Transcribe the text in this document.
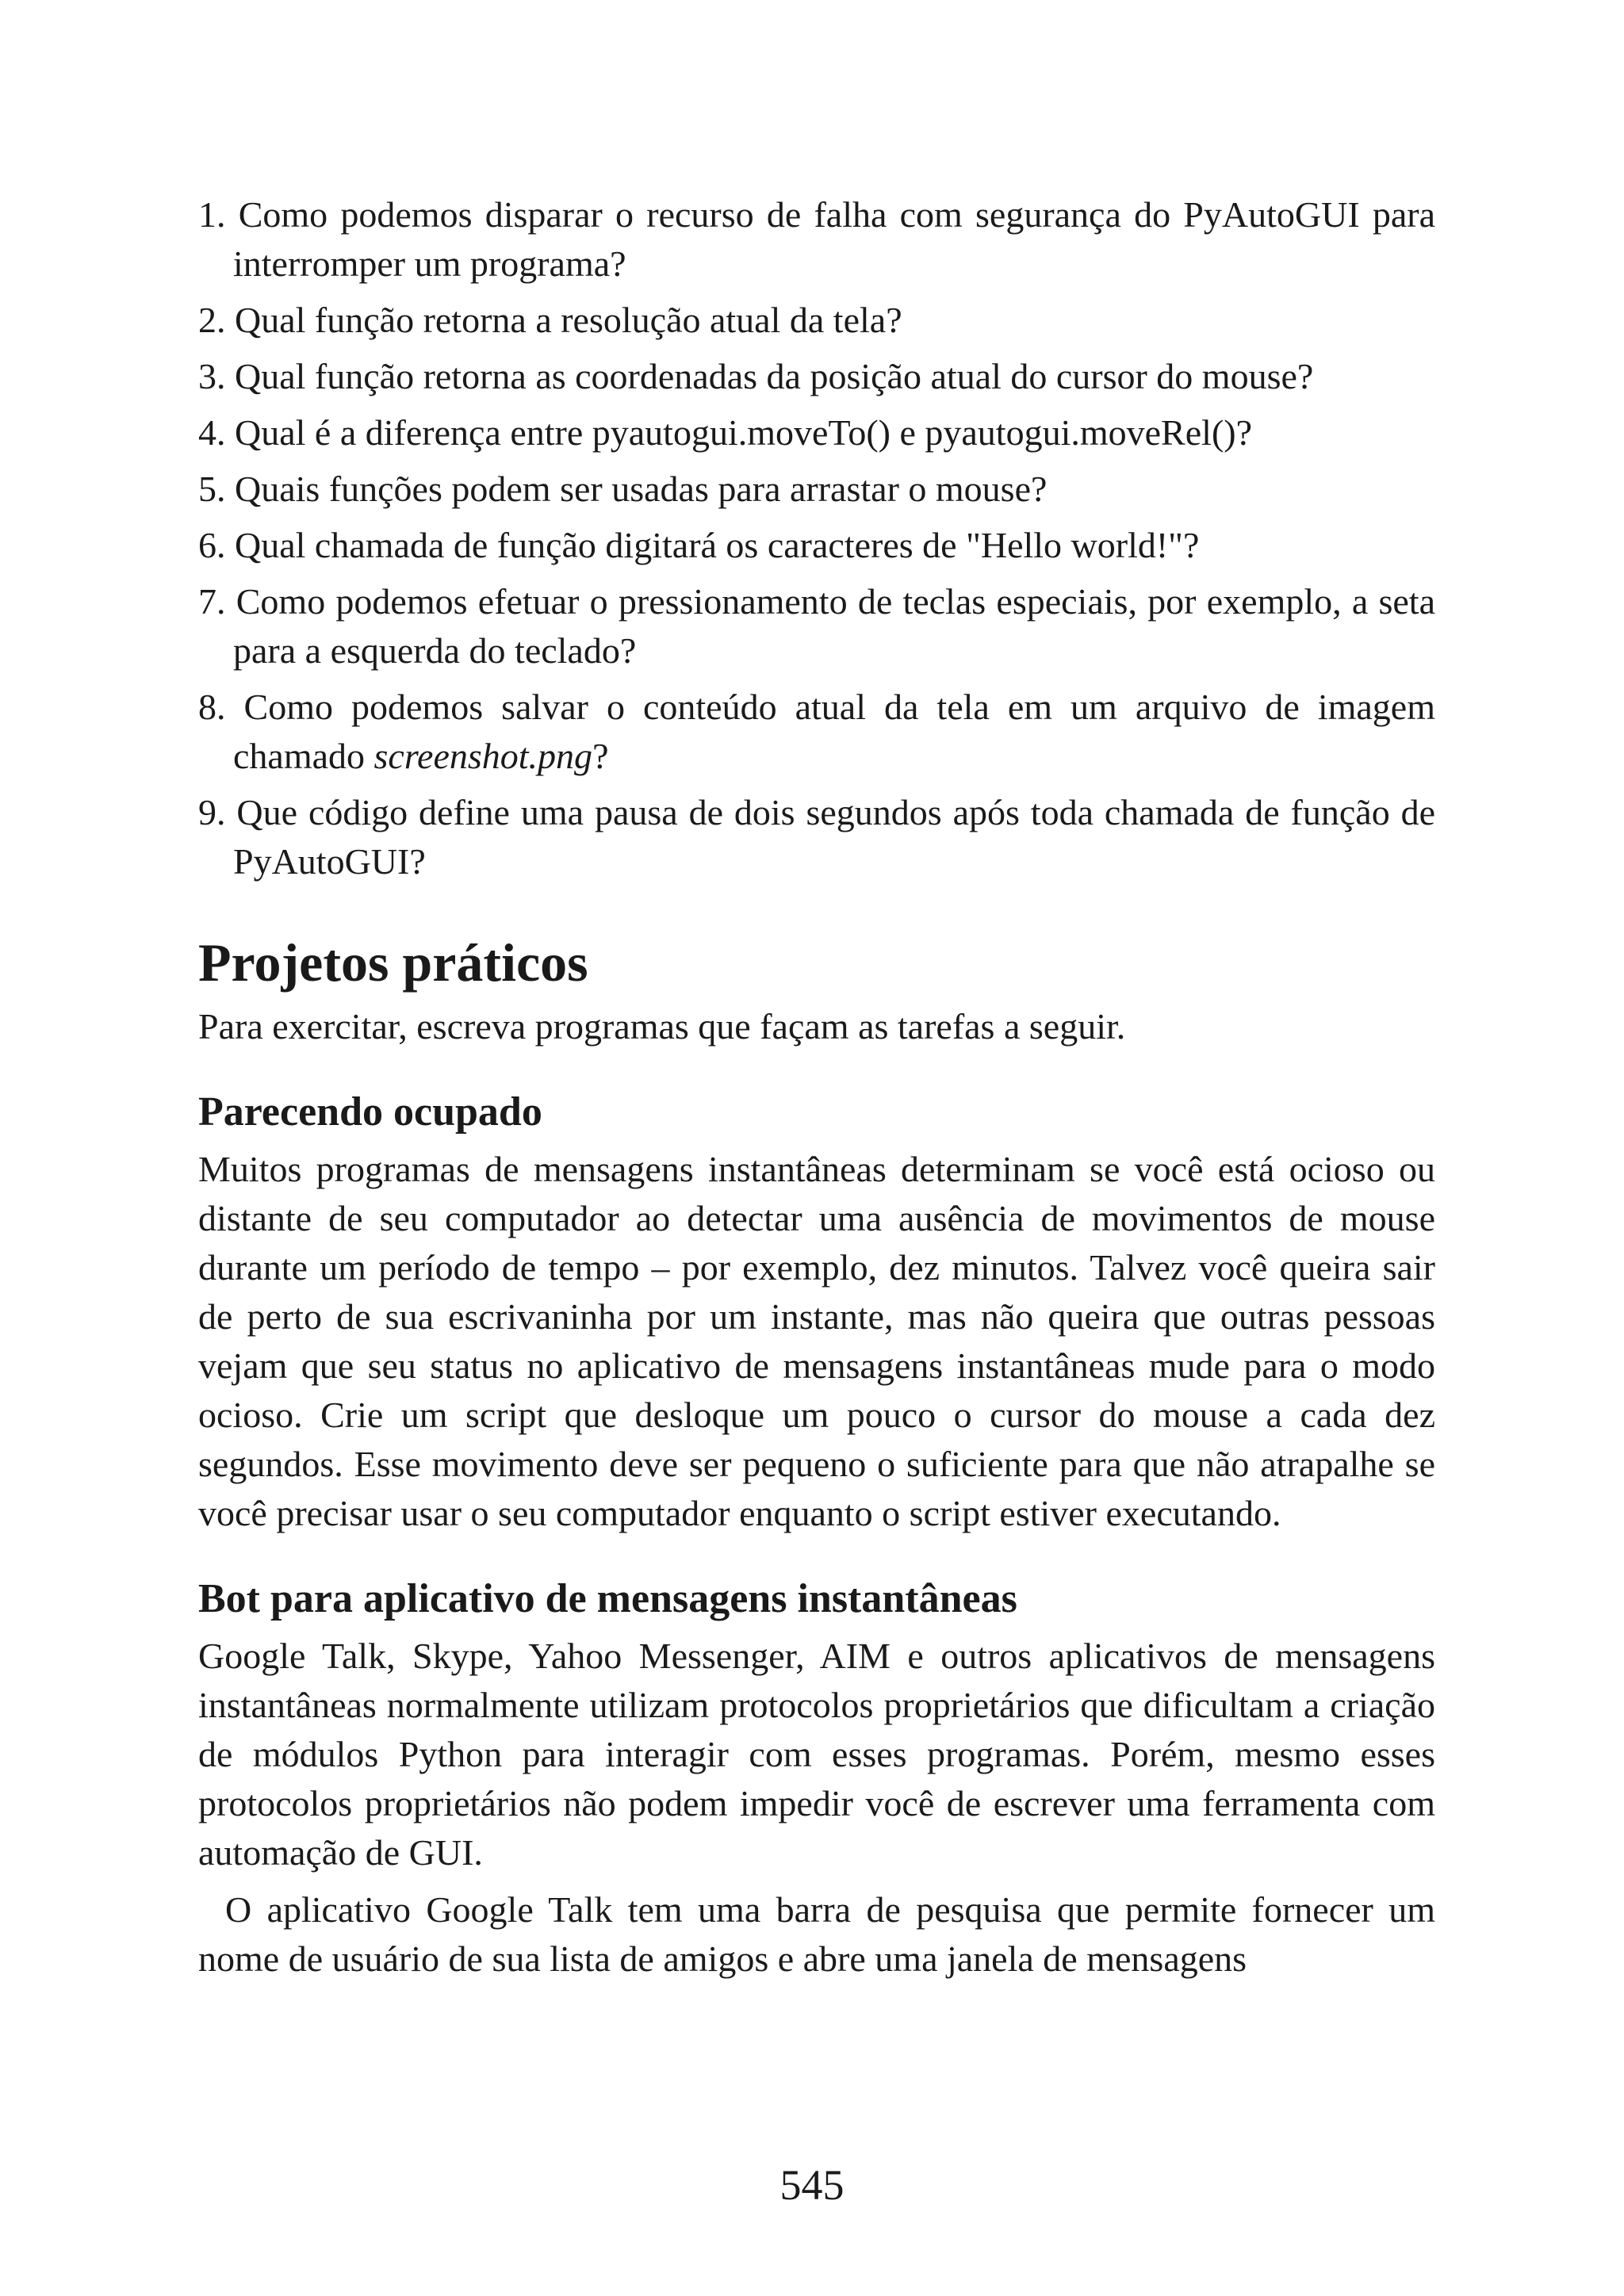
1. Como podemos disparar o recurso de falha com segurança do PyAutoGUI para interromper um programa?
2. Qual função retorna a resolução atual da tela?
3. Qual função retorna as coordenadas da posição atual do cursor do mouse?
4. Qual é a diferença entre pyautogui.moveTo() e pyautogui.moveRel()?
5. Quais funções podem ser usadas para arrastar o mouse?
6. Qual chamada de função digitará os caracteres de "Hello world!"?
7. Como podemos efetuar o pressionamento de teclas especiais, por exemplo, a seta para a esquerda do teclado?
8. Como podemos salvar o conteúdo atual da tela em um arquivo de imagem chamado screenshot.png?
9. Que código define uma pausa de dois segundos após toda chamada de função de PyAutoGUI?
Projetos práticos

Para exercitar, escreva programas que façam as tarefas a seguir.

Parecendo ocupado

Muitos programas de mensagens instantâneas determinam se você está ocioso ou distante de seu computador ao detectar uma ausência de movimentos de mouse durante um período de tempo – por exemplo, dez minutos. Talvez você queira sair de perto de sua escrivaninha por um instante, mas não queira que outras pessoas vejam que seu status no aplicativo de mensagens instantâneas mude para o modo ocioso. Crie um script que desloque um pouco o cursor do mouse a cada dez segundos. Esse movimento deve ser pequeno o suficiente para que não atrapalhe se você precisar usar o seu computador enquanto o script estiver executando.

Bot para aplicativo de mensagens instantâneas

Google Talk, Skype, Yahoo Messenger, AIM e outros aplicativos de mensagens instantâneas normalmente utilizam protocolos proprietários que dificultam a criação de módulos Python para interagir com esses programas. Porém, mesmo esses protocolos proprietários não podem impedir você de escrever uma ferramenta com automação de GUI.

O aplicativo Google Talk tem uma barra de pesquisa que permite fornecer um nome de usuário de sua lista de amigos e abre uma janela de mensagens

545
